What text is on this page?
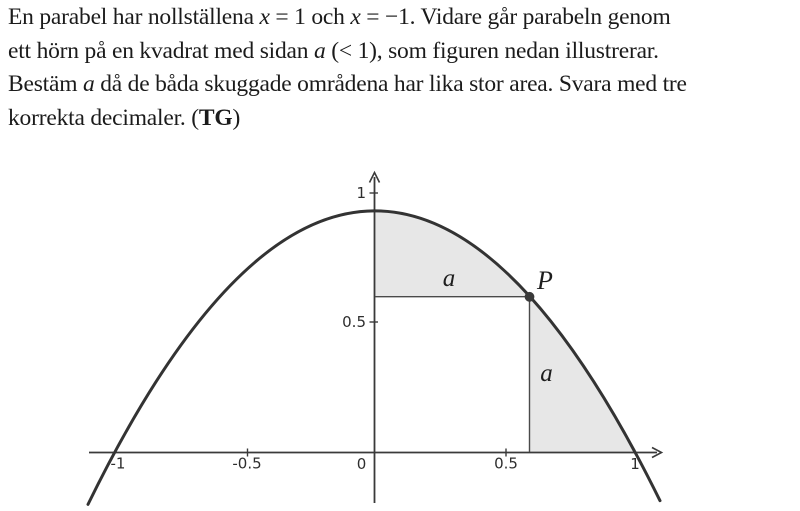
En parabel har nollställena x = 1 och x = −1. Vidare går parabeln genom
ett hörn på en kvadrat med sidan a (< 1), som figuren nedan illustrerar.
Bestäm a då de båda skuggade områdena har lika stor area. Svara med tre
korrekta decimaler. (TG)
-1	-0.5	0	0.5	1
1
0.5
a	P
a
